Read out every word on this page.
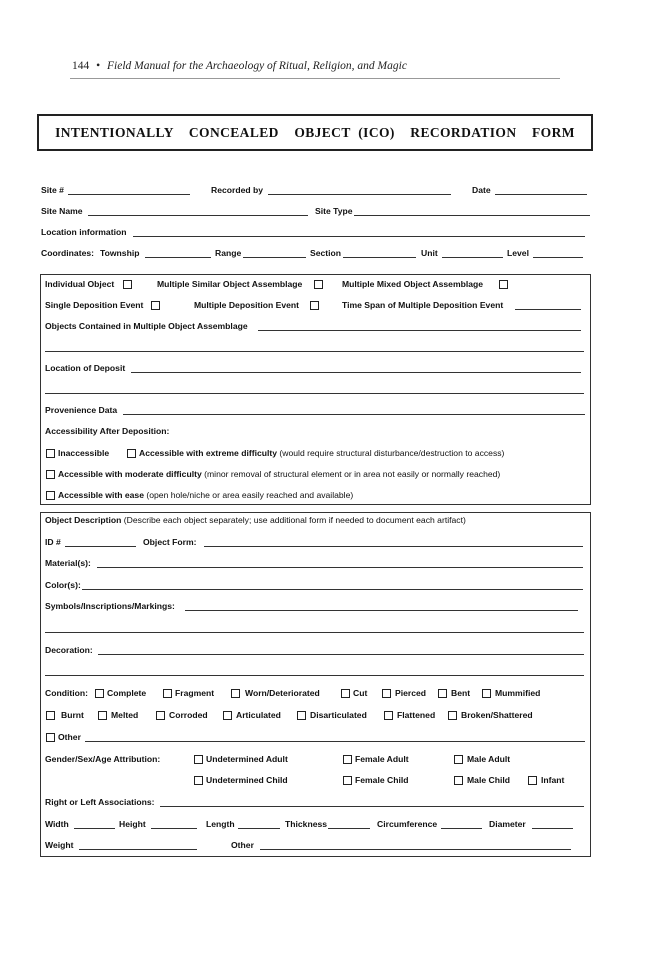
144 • Field Manual for the Archaeology of Ritual, Religion, and Magic
INTENTIONALLY  CONCEALED  OBJECT (ICO)  RECORDATION  FORM
Site #	Recorded by	Date
Site Name	Site Type
Location information
Coordinates: Township	Range	Section	Unit	Level
Individual Object	Multiple Similar Object Assemblage	Multiple Mixed Object Assemblage
Single Deposition Event	Multiple Deposition Event	Time Span of Multiple Deposition Event
Objects Contained in Multiple Object Assemblage
Location of Deposit
Provenience Data
Accessibility After Deposition:
Inaccessible	Accessible with extreme difficulty (would require structural disturbance/destruction to access)
Accessible with moderate difficulty (minor removal of structural element or in area not easily or normally reached)
Accessible with ease (open hole/niche or area easily reached and available)
Object Description (Describe each object separately; use additional form if needed to document each artifact)
ID #	Object Form:
Material(s):
Color(s):
Symbols/Inscriptions/Markings:
Decoration:
Condition: Complete	Fragment	Worn/Deteriorated	Cut	Pierced	Bent	Mummified
Burnt	Melted	Corroded	Articulated	Disarticulated	Flattened	Broken/Shattered
Other
Gender/Sex/Age Attribution:	Undetermined Adult	Female Adult	Male Adult
Undetermined Child	Female Child	Male Child	Infant
Right or Left Associations:
Width	Height	Length	Thickness	Circumference	Diameter
Weight	Other
